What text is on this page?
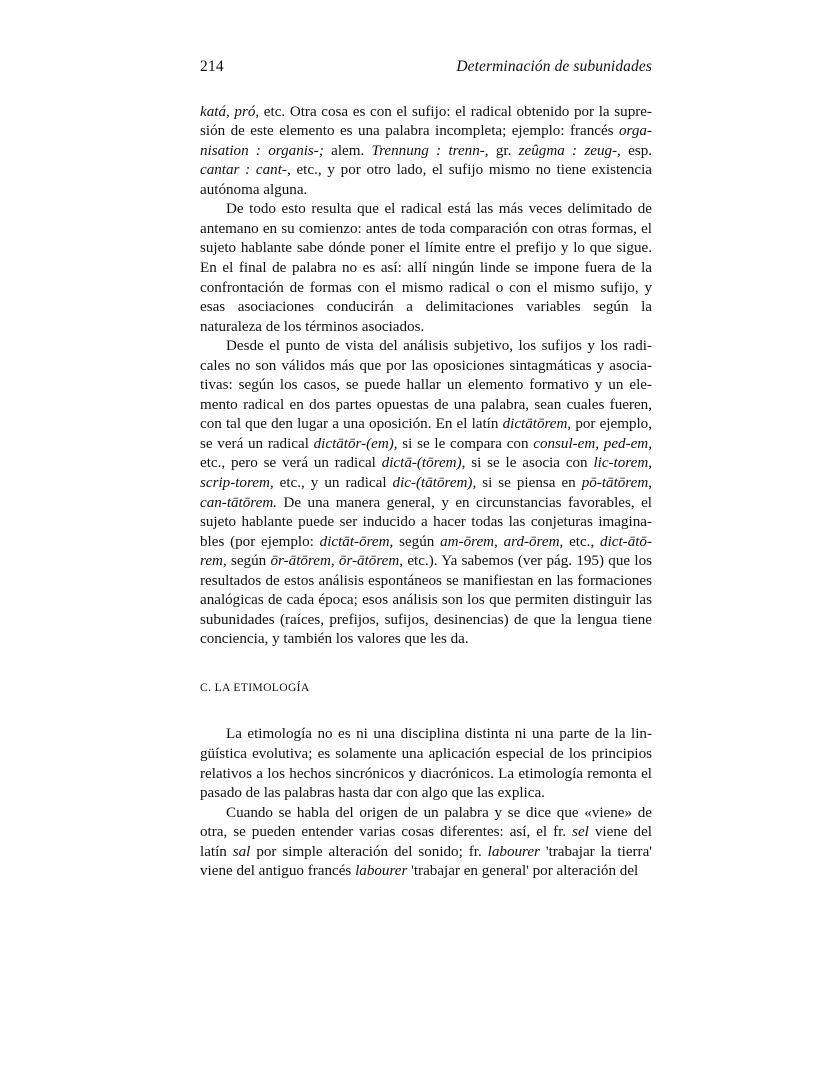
214	Determinación de subunidades

katá, pró, etc. Otra cosa es con el sufijo: el radical obtenido por la supresión de este elemento es una palabra incompleta; ejemplo: francés organisation : organis-; alem. Trennung : trenn-, gr. zeûgma : zeug-, esp. cantar : cant-, etc., y por otro lado, el sufijo mismo no tiene existencia autónoma alguna.

De todo esto resulta que el radical está las más veces delimitado de antemano en su comienzo: antes de toda comparación con otras formas, el sujeto hablante sabe dónde poner el límite entre el prefijo y lo que sigue. En el final de palabra no es así: allí ningún linde se impone fuera de la confrontación de formas con el mismo radical o con el mismo sufijo, y esas asociaciones conducirán a delimitaciones variables según la naturaleza de los términos asociados.

Desde el punto de vista del análisis subjetivo, los sufijos y los radicales no son válidos más que por las oposiciones sintagmáticas y asociativas: según los casos, se puede hallar un elemento formativo y un elemento radical en dos partes opuestas de una palabra, sean cuales fueren, con tal que den lugar a una oposición. En el latín dictātōrem, por ejemplo, se verá un radical dictātōr-(em), si se le compara con consul-em, ped-em, etc., pero se verá un radical dictā-(tōrem), si se le asocia con lic-torem, scrip-torem, etc., y un radical dic-(tātōrem), si se piensa en pō-tātōrem, can-tātōrem. De una manera general, y en circunstancias favorables, el sujeto hablante puede ser inducido a hacer todas las conjeturas imaginables (por ejemplo: dictāt-ōrem, según am-ōrem, ard-ōrem, etc., dict-ātōrem, según ōr-ātōrem, ōr-ātōrem, etc.). Ya sabemos (ver pág. 195) que los resultados de estos análisis espontáneos se manifiestan en las formaciones analógicas de cada época; esos análisis son los que permiten distinguir las subunidades (raíces, prefijos, sufijos, desinencias) de que la lengua tiene conciencia, y también los valores que les da.

C. LA ETIMOLOGÍA

La etimología no es ni una disciplina distinta ni una parte de la lingüística evolutiva; es solamente una aplicación especial de los principios relativos a los hechos sincrónicos y diacrónicos. La etimología remonta el pasado de las palabras hasta dar con algo que las explica.

Cuando se habla del origen de un palabra y se dice que «viene» de otra, se pueden entender varias cosas diferentes: así, el fr. sel viene del latín sal por simple alteración del sonido; fr. labourer 'trabajar la tierra' viene del antiguo francés labourer 'trabajar en general' por alteración del
